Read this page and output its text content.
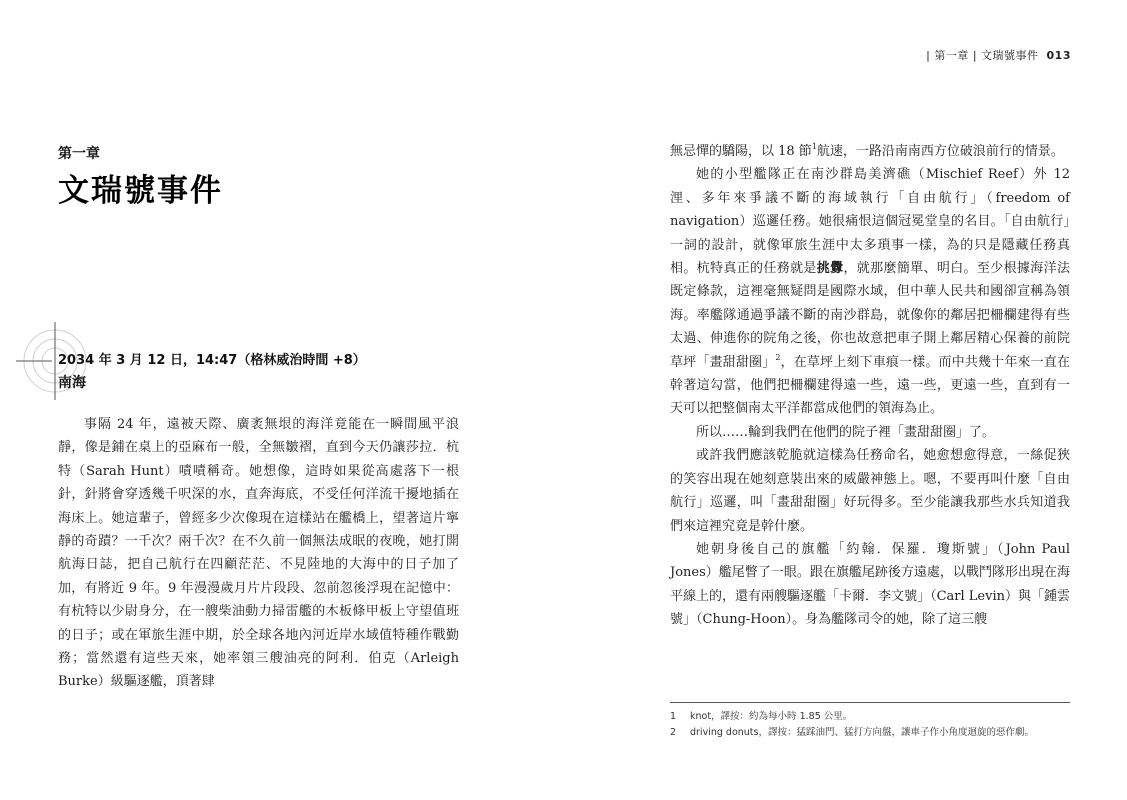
| 第一章 | 文瑞號事件 013
第一章
文瑞號事件
2034 年 3 月 12 日，14:47（格林威治時間 +8）
南海

事隔 24 年，遠被天際、廣袤無垠的海洋竟能在一瞬間風平浪靜，像是鋪在桌上的亞麻布一般，全無皺褶，直到今天仍讓莎拉．杭特（Sarah Hunt）嘖嘖稱奇。她想像，這時如果從高處落下一根針，針將會穿透幾千呎深的水，直奔海底，不受任何洋流干擾地插在海床上。她這輩子，曾經多少次像現在這樣站在艦橋上，望著這片寧靜的奇蹟？一千次？兩千次？在不久前一個無法成眠的夜晚，她打開航海日誌，把自己航行在四顧茫茫、不見陸地的大海中的日子加了加，有將近 9 年。9 年漫漫歲月片片段段、忽前忽後浮現在記憶中：有杭特以少尉身分，在一艘柴油動力掃雷艦的木板條甲板上守望值班的日子；或在軍旅生涯中期，於全球各地內河近岸水域值特種作戰勤務；當然還有這些天來，她率領三艘油亮的阿利．伯克（Arleigh Burke）級驅逐艦，頂著肆

無忌憚的驕陽，以 18 節$^1$航速，一路沿南南西方位破浪前行的情景。

她的小型艦隊正在南沙群島美濟礁（Mischief Reef）外 12 浬、多年來爭議不斷的海域執行「自由航行」（freedom of navigation）巡邏任務。她很痛恨這個冠冕堂皇的名目。「自由航行」一詞的設計，就像軍旅生涯中太多瑣事一樣，為的只是隱藏任務真相。杭特真正的任務就是挑釁，就那麼簡單、明白。至少根據海洋法既定條款，這裡毫無疑問是國際水域，但中華人民共和國卻宣稱為領海。率艦隊通過爭議不斷的南沙群島，就像你的鄰居把柵欄建得有些太過、伸進你的院角之後，你也故意把車子開上鄰居精心保養的前院草坪「畫甜甜圈」$^2$，在草坪上刻下車痕一樣。而中共幾十年來一直在幹著這勾當，他們把柵欄建得遠一些，遠一些，更遠一些，直到有一天可以把整個南太平洋都當成他們的領海為止。

所以……輪到我們在他們的院子裡「畫甜甜圈」了。

或許我們應該乾脆就這樣為任務命名，她愈想愈得意，一絲促狹的笑容出現在她刻意裝出來的威嚴神態上。嗯，不要再叫什麼「自由航行」巡邏，叫「畫甜甜圈」好玩得多。至少能讓我那些水兵知道我們來這裡究竟是幹什麼。

她朝身後自己的旗艦「約翰．保羅．瓊斯號」（John Paul Jones）艦尾瞥了一眼。跟在旗艦尾跡後方遠處，以戰鬥隊形出現在海平線上的，還有兩艘驅逐艦「卡爾．李文號」（Carl Levin）與「鍾雲號」（Chung-Hoon）。身為艦隊司令的她，除了這三艘

1	knot，譯按：約為每小時 1.85 公里。
2	driving donuts，譯按：猛踩油門、猛打方向盤，讓車子作小角度迴旋的惡作劇。
